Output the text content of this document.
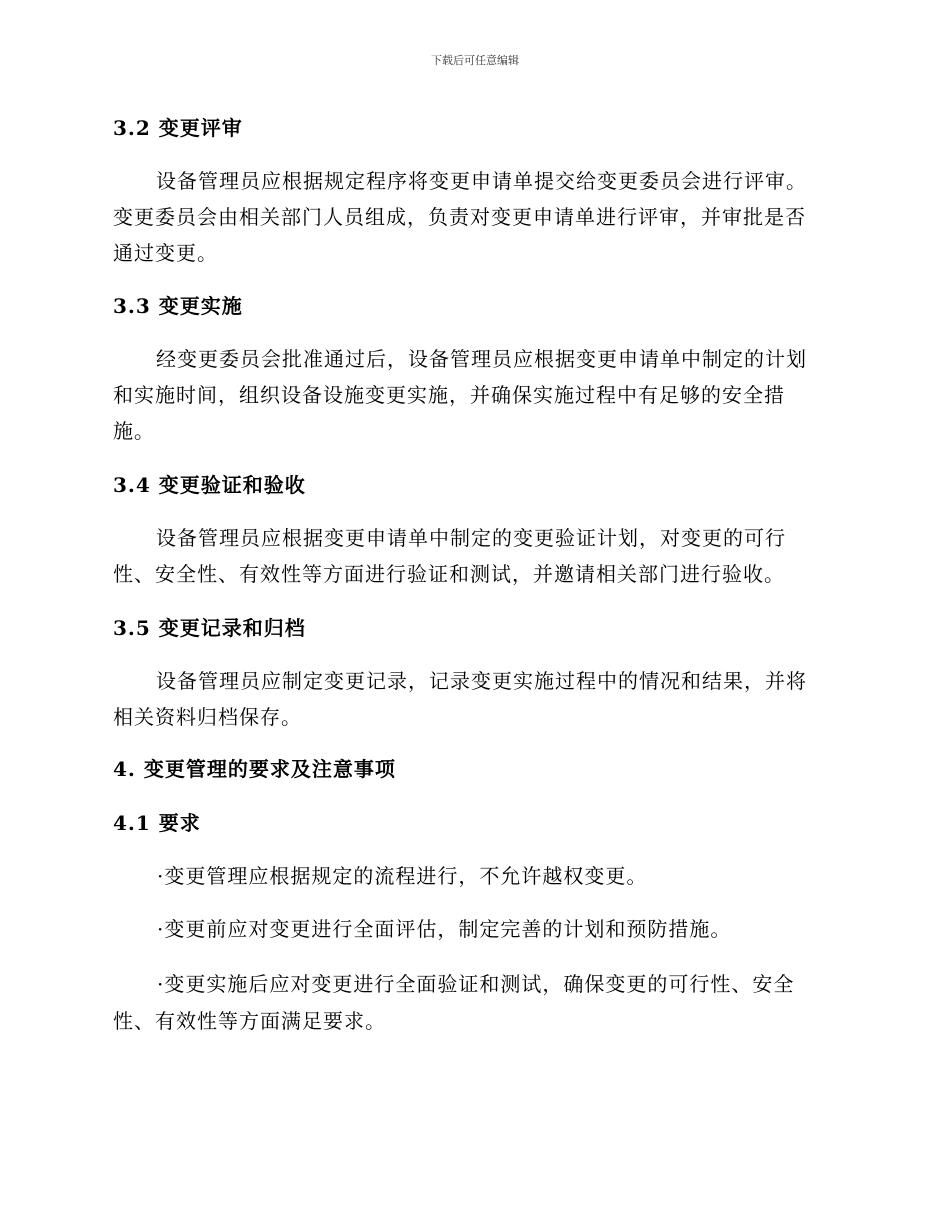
下载后可任意编辑
3.2 变更评审
设备管理员应根据规定程序将变更申请单提交给变更委员会进行评审。
变更委员会由相关部门人员组成，负责对变更申请单进行评审，并审批是否
通过变更。
3.3 变更实施
经变更委员会批准通过后，设备管理员应根据变更申请单中制定的计划
和实施时间，组织设备设施变更实施，并确保实施过程中有足够的安全措
施。
3.4 变更验证和验收
设备管理员应根据变更申请单中制定的变更验证计划，对变更的可行
性、安全性、有效性等方面进行验证和测试，并邀请相关部门进行验收。
3.5 变更记录和归档
设备管理员应制定变更记录，记录变更实施过程中的情况和结果，并将
相关资料归档保存。
4. 变更管理的要求及注意事项
4.1 要求
·变更管理应根据规定的流程进行，不允许越权变更。
·变更前应对变更进行全面评估，制定完善的计划和预防措施。
·变更实施后应对变更进行全面验证和测试，确保变更的可行性、安全
性、有效性等方面满足要求。
